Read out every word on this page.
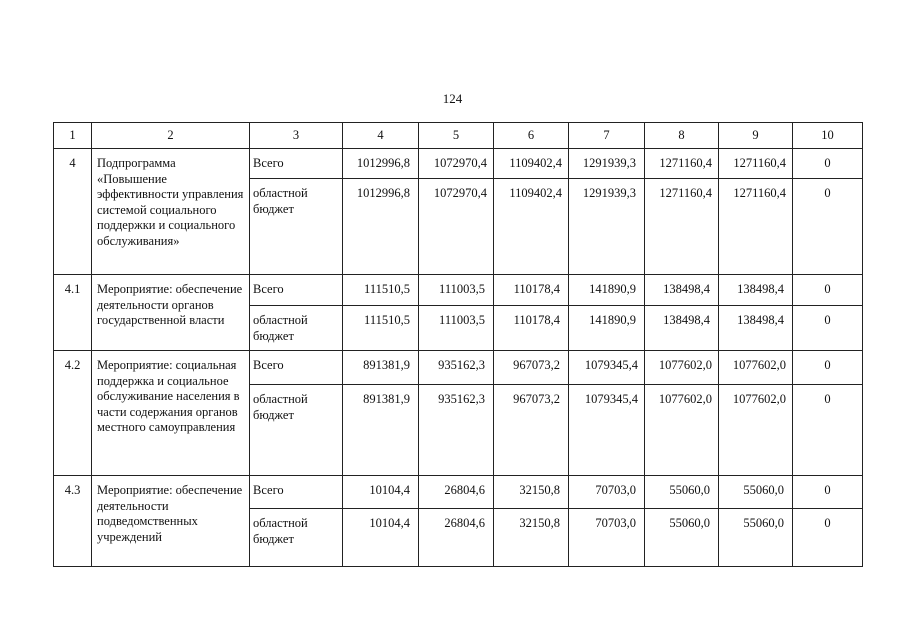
124
1	2	3	4	5	6	7	8	9	10
4	Подпрограмма «Повышение эффективности управления системой социального поддержки и социального обслуживания»	Всего	1012996,8	1072970,4	1109402,4	1291939,3	1271160,4	1271160,4	0
		областной бюджет	1012996,8	1072970,4	1109402,4	1291939,3	1271160,4	1271160,4	0
4.1	Мероприятие: обеспечение деятельности органов государственной власти	Всего	111510,5	111003,5	110178,4	141890,9	138498,4	138498,4	0
		областной бюджет	111510,5	111003,5	110178,4	141890,9	138498,4	138498,4	0
4.2	Мероприятие: социальная поддержка и социальное обслуживание населения в части содержания органов местного самоуправления	Всего	891381,9	935162,3	967073,2	1079345,4	1077602,0	1077602,0	0
		областной бюджет	891381,9	935162,3	967073,2	1079345,4	1077602,0	1077602,0	0
4.3	Мероприятие: обеспечение деятельности подведомственных учреждений	Всего	10104,4	26804,6	32150,8	70703,0	55060,0	55060,0	0
		областной бюджет	10104,4	26804,6	32150,8	70703,0	55060,0	55060,0	0
